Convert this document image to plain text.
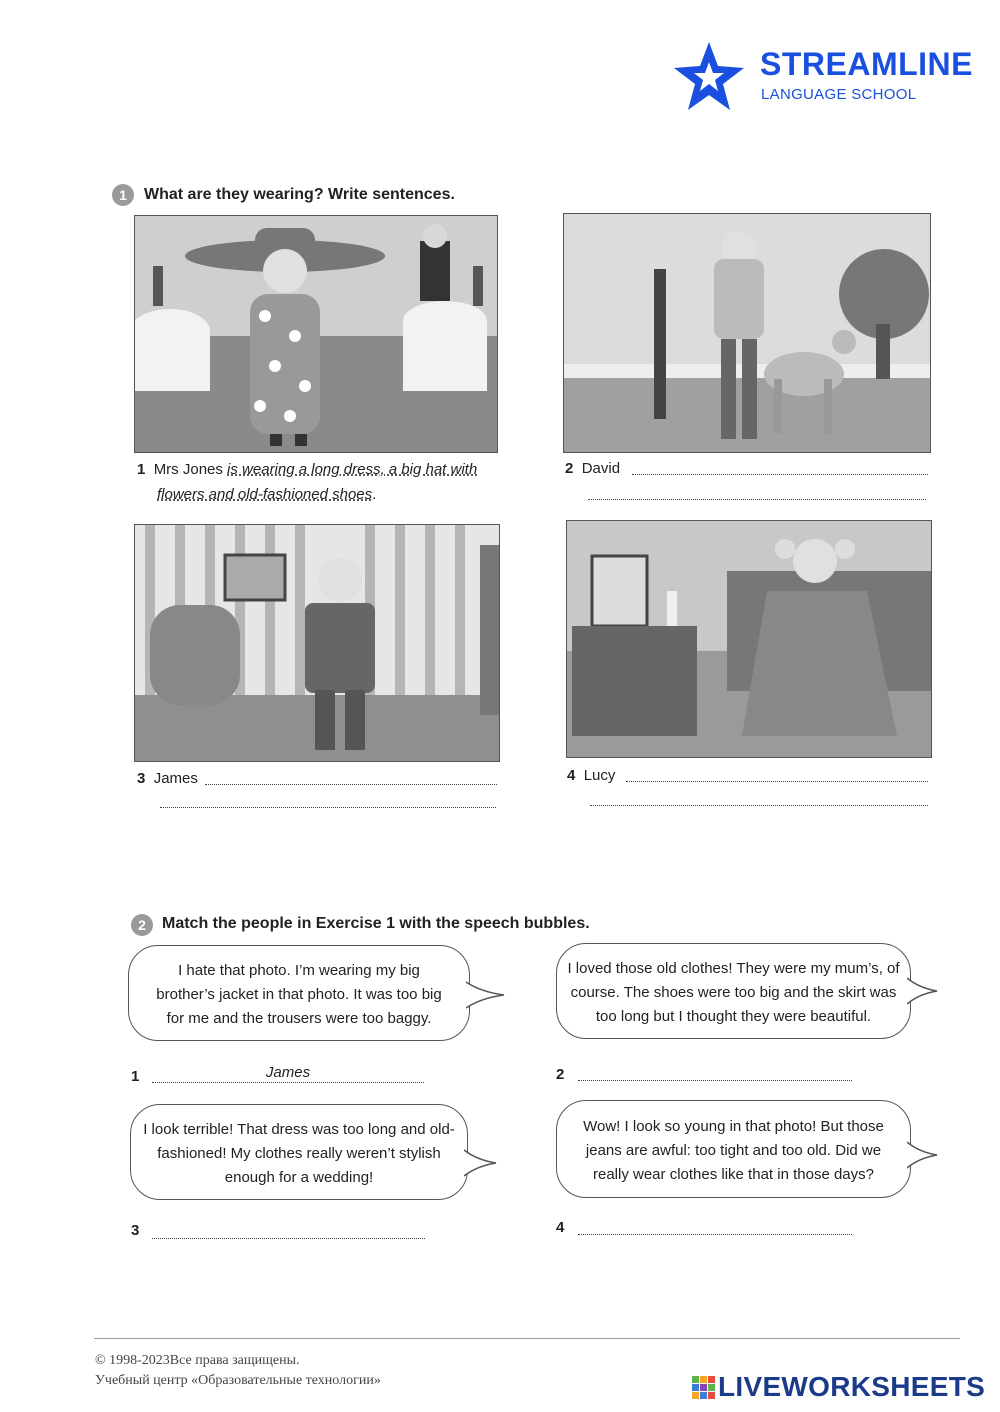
STREAMLINE
LANGUAGE SCHOOL
1	What are they wearing? Write sentences.
1 Mrs Jones is wearing a long dress, a big hat with
flowers and old-fashioned shoes.
2 David
3 James	4 Lucy
2	Match the people in Exercise 1 with the speech bubbles.
I hate that photo. I’m wearing my big brother’s jacket in that photo. It was too big for me and the trousers were too baggy.
I loved those old clothes! They were my mum’s, of course. The shoes were too big and the skirt was too long but I thought they were beautiful.
1	James	2
I look terrible! That dress was too long and old-fashioned! My clothes really weren’t stylish enough for a wedding!
Wow! I look so young in that photo! But those jeans are awful: too tight and too old. Did we really wear clothes like that in those days?
3	4
© 1998-2023Все права защищены.
Учебный центр «Образовательные технологии»	LIVEWORKSHEETS
